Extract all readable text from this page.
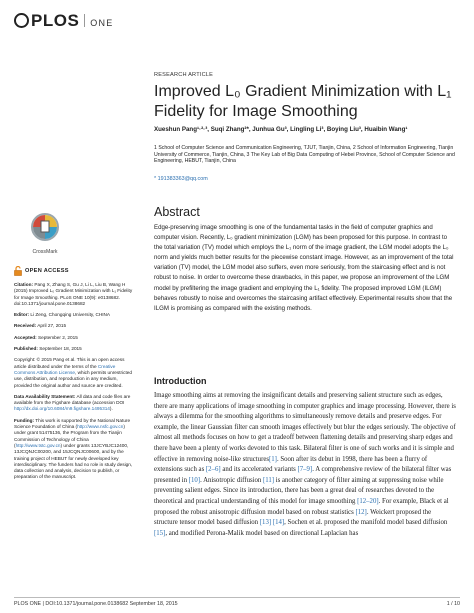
PLOS ONE
RESEARCH ARTICLE
Improved L₀ Gradient Minimization with L₁ Fidelity for Image Smoothing
Xueshun Pang¹·²·³, Suqi Zhang²*, Junhua Gu³, Lingling Li³, Boying Liu³, Huaibin Wang¹
1 School of Computer Science and Communication Engineering, TJUT, Tianjin, China, 2 School of Information Engineering, Tianjin University of Commerce, Tianjin, China, 3 The Key Lab of Big Data Computing of Hebei Province, School of Computer Science and Engineering, HEBUT, Tianjin, China
* 191383363@qq.com
CrossMark
OPEN ACCESS

Citation: Pang X, Zhang S, Gu J, Li L, Liu B, Wang H (2015) Improved L₀ Gradient Minimization with L₁ Fidelity for Image Smoothing. PLoS ONE 10(9): e0138682. doi:10.1371/journal.pone.0138682

Editor: Li Zeng, Chongqing University, CHINA

Received: April 27, 2015

Accepted: September 2, 2015

Published: September 18, 2015

Copyright: © 2015 Pang et al. This is an open access article distributed under the terms of the Creative Commons Attribution License, which permits unrestricted use, distribution, and reproduction in any medium, provided the original author and source are credited.

Data Availability Statement: All data and code files are available from the Figshare database (accession DOI http://dx.doi.org/10.6084/m9.figshare.1495314).

Funding: This work is supported by the National Nature Science Foundation of China (http://www.nsfc.gov.cn) under grant 51475136, the Program from the Tianjin Commission of Technology of China (http://www.tstc.gov.cn) under grants 13JCYBJC12400, 13JCQNJC00200, and 15JCQNJC00600, and by the training project of HEBUT for newly developed key interdisciplinary. The funders had no role in study design, data collection and analysis, decision to publish, or preparation of the manuscript.

Abstract
Edge-preserving image smoothing is one of the fundamental tasks in the field of computer graphics and computer vision. Recently, L₀ gradient minimization (LGM) has been proposed for this purpose. In contrast to the total variation (TV) model which employs the L₁ norm of the image gradient, the LGM model adopts the L₀ norm and yields much better results for the piecewise constant image. However, as an improvement of the total variation (TV) model, the LGM model also suffers, even more seriously, from the staircasing effect and is not robust to noise. In order to overcome these drawbacks, in this paper, we propose an improvement of the LGM model by prefiltering the image gradient and employing the L₁ fidelity. The proposed improved LGM (ILGM) behaves robustly to noise and overcomes the staircasing artifact effectively. Experimental results show that the ILGM is promising as compared with the existing methods.
Introduction
Image smoothing aims at removing the insignificant details and preserving salient structure such as edges, there are many applications of image smoothing in computer graphics and image processing. However, there is always a dilemma for the smoothing algorithms to simultaneously remove details and preserve edges. For example, the linear Gaussian filter can smooth images effectively but blur the edges seriously. The objective of almost all methods focuses on how to get a tradeoff between flattening details and preserving sharp edges and there have been a plenty of works devoted to this task. Bilateral filter is one of such works and it is simple and effective in removing noise-like structures[1]. Soon after its debut in 1998, there has been a flurry of extensions such as [2–6] and its accelerated variants [7–9]. A comprehensive review of the bilateral filter was presented in [10]. Anisotropic diffusion [11] is another category of filter aiming at suppressing noise while preventing salient edges. Since its introduction, there has been a great deal of researches devoted to the theoretical and practical understanding of this model for image smoothing [12–20]. For example, Black et al proposed the robust anisotropic diffusion model based on robust statistics [12]. Weickert proposed the structure tensor model based diffusion [13] [14], Sochen et al. proposed the manifold model based diffusion [15], and modified Perona-Malik model based on directional Laplacian has
PLOS ONE | DOI:10.1371/journal.pone.0138682 September 18, 2015	1 / 10
